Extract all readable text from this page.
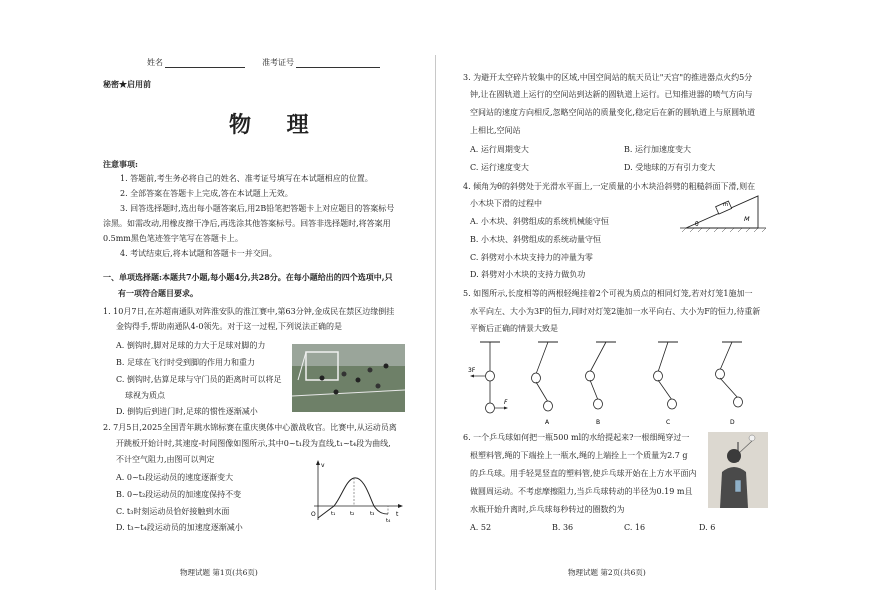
姓名	准考证号
秘密★启用前
物 理
注意事项:
1. 答题前,考生务必将自己的姓名、准考证号填写在本试题相应的位置。
2. 全部答案在答题卡上完成,答在本试题上无效。
3. 回答选择题时,选出每小题答案后,用2B铅笔把答题卡上对应题目的答案标号
涂黑。如需改动,用橡皮擦干净后,再选涂其他答案标号。回答非选择题时,将答案用
0.5mm黑色笔迹签字笔写在答题卡上。
4. 考试结束后,将本试题和答题卡一并交回。
一、单项选择题:本题共7小题,每小题4分,共28分。在每小题给出的四个选项中,只
有一项符合题目要求。
1. 10月7日,在苏超南通队对阵淮安队的淮江赛中,第63分钟,金成民在禁区边缘倒挂
金钩得手,帮助南通队4-0领先。对于这一过程,下列说法正确的是
A. 倒钩时,脚对足球的力大于足球对脚的力
B. 足球在飞行时受到脚的作用力和重力
C. 倒钩时,估算足球与守门员的距离时可以将足
球视为质点
D. 倒钩后到进门时,足球的惯性逐渐减小
2. 7月5日,2025全国青年跳水锦标赛在重庆奥体中心激战收官。比赛中,从运动员离
开跳板开始计时,其速度-时间图像如图所示,其中0~t₁段为直线,t₁~t₄段为曲线,
不计空气阻力,由图可以判定
A. 0~t₁段运动员的速度逐渐变大
B. 0~t₂段运动员的加速度保持不变
C. t₃时刻运动员恰好接触到水面
D. t₃~t₄段运动员的加速度逐渐减小
v
t
O	t₁	t₂	t₃
t₄
3. 为避开太空碎片较集中的区域,中国空间站的航天员让"天宫"的推进器点火约5分
钟,让在圆轨道上运行的空间站到达新的圆轨道上运行。已知推进器的喷气方向与
空间站的速度方向相反,忽略空间站的质量变化,稳定后在新的圆轨道上与原圆轨道
上相比,空间站
A. 运行周期变大	B. 运行加速度变大
C. 运行速度变大	D. 受地球的万有引力变大
4. 倾角为θ的斜劈处于光滑水平面上,一定质量的小木块沿斜劈的粗糙斜面下滑,则在
小木块下滑的过程中
A. 小木块、斜劈组成的系统机械能守恒
B. 小木块、斜劈组成的系统动量守恒
C. 斜劈对小木块支持力的冲量为零
D. 斜劈对小木块的支持力做负功
m
M
θ
5. 如图所示,长度相等的两根轻绳挂着2个可视为质点的相同灯笼,若对灯笼1施加一
水平向左、大小为3F的恒力,同时对灯笼2施加一水平向右、大小为F的恒力,待重新
平衡后正确的情景大致是
3F
F
A	B	C	D
6. 一个乒乓球如何把一瓶500 ml的水给提起来?一根细绳穿过一
根塑料管,绳的下端拴上一瓶水,绳的上端拴上一个质量为2.7 g
的乒乓球。用手轻晃竖直的塑料管,使乒乓球开始在上方水平面内
做圆周运动。不考虑摩擦阻力,当乒乓球转动的半径为0.19 m且
水瓶开始升离时,乒乓球每秒转过的圈数约为
A. 52	B. 36	C. 16	D. 6
物理试题 第1页(共6页)	物理试题 第2页(共6页)
